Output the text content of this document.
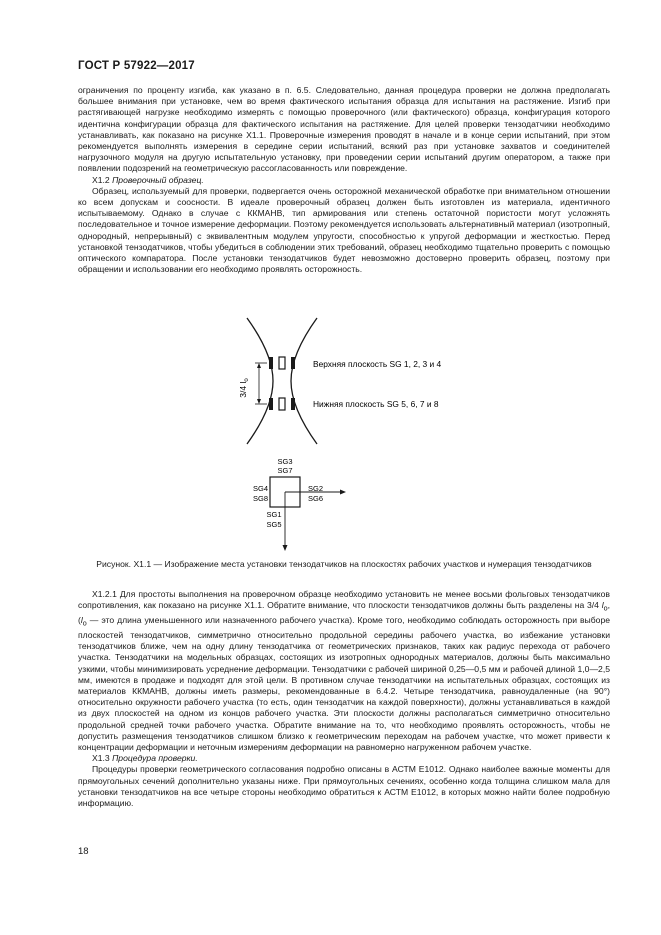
ГОСТ Р 57922—2017

ограничения по проценту изгиба, как указано в п. 6.5. Следовательно, данная процедура проверки не должна предполагать большее внимания при установке, чем во время фактического испытания образца для испытания на растяжение. Изгиб при растягивающей нагрузке необходимо измерять с помощью проверочного (или фактического) образца, конфигурация которого идентична конфигурации образца для фактического испытания на растяжение. Для целей проверки тензодатчики необходимо устанавливать, как показано на рисунке X1.1. Проверочные измерения проводят в начале и в конце серии испытаний, при этом рекомендуется выполнять измерения в середине серии испытаний, всякий раз при установке захватов и соединителей нагрузочного модуля на другую испытательную установку, при проведении серии испытаний другим оператором, а также при появлении подозрений на геометрическую рассогласованность или повреждение.

X1.2 Проверочный образец.

Образец, используемый для проверки, подвергается очень осторожной механической обработке при внимательном отношении ко всем допускам и соосности. В идеале проверочный образец должен быть изготовлен из материала, идентичного испытываемому. Однако в случае с ККМАНВ, тип армирования или степень остаточной пористости могут усложнять последовательное и точное измерение деформации. Поэтому рекомендуется использовать альтернативный материал (изотропный, однородный, непрерывный) с эквивалентным модулем упругости, способностью к упругой деформации и жесткостью. Перед установкой тензодатчиков, чтобы убедиться в соблюдении этих требований, образец необходимо тщательно проверить с помощью оптического компаратора. После установки тензодатчиков будет невозможно достоверно проверить образец, поэтому при обращении и использовании его необходимо проявлять осторожность.

3/4 $l_o$
Верхняя плоскость SG 1, 2, 3 и 4
Нижняя плоскость SG 5, 6, 7 и 8
SG3
SG7
SG4
SG8
SG2
SG6
SG1
SG5
Рисунок. X1.1 — Изображение места установки тензодатчиков на плоскостях рабочих участков и нумерация тензодатчиков

X1.2.1 Для простоты выполнения на проверочном образце необходимо установить не менее восьми фольговых тензодатчиков сопротивления, как показано на рисунке X1.1. Обратите внимание, что плоскости тензодатчиков должны быть разделены на 3/4 $l_o$, ($l_o$ — это длина уменьшенного или назначенного рабочего участка). Кроме того, необходимо соблюдать осторожность при выборе плоскостей тензодатчиков, симметрично относительно продольной середины рабочего участка, во избежание установки тензодатчиков ближе, чем на одну длину тензодатчика от геометрических признаков, таких как радиус перехода от рабочего участка. Тензодатчики на модельных образцах, состоящих из изотропных однородных материалов, должны быть максимально узкими, чтобы минимизировать усреднение деформации. Тензодатчики с рабочей шириной 0,25—0,5 мм и рабочей длиной 1,0—2,5 мм, имеются в продаже и подходят для этой цели. В противном случае тензодатчики на испытательных образцах, состоящих из материалов ККМАНВ, должны иметь размеры, рекомендованные в 6.4.2. Четыре тензодатчика, равноудаленные (на 90°) относительно окружности рабочего участка (то есть, один тензодатчик на каждой поверхности), должны устанавливаться в каждой из двух плоскостей на одном из концов рабочего участка. Эти плоскости должны располагаться симметрично относительно продольной средней точки рабочего участка. Обратите внимание на то, что необходимо проявлять осторожность, чтобы не допустить размещения тензодатчиков слишком близко к геометрическим переходам на рабочем участке, что может привести к концентрации деформации и неточным измерениям деформации на равномерно нагруженном рабочем участке.

X1.3 Процедура проверки.

Процедуры проверки геометрического согласования подробно описаны в АСТМ Е1012. Однако наиболее важные моменты для прямоугольных сечений дополнительно указаны ниже. При прямоугольных сечениях, особенно когда толщина слишком мала для установки тензодатчиков на все четыре стороны необходимо обратиться к АСТМ Е1012, в которых можно найти более подробную информацию.

18
